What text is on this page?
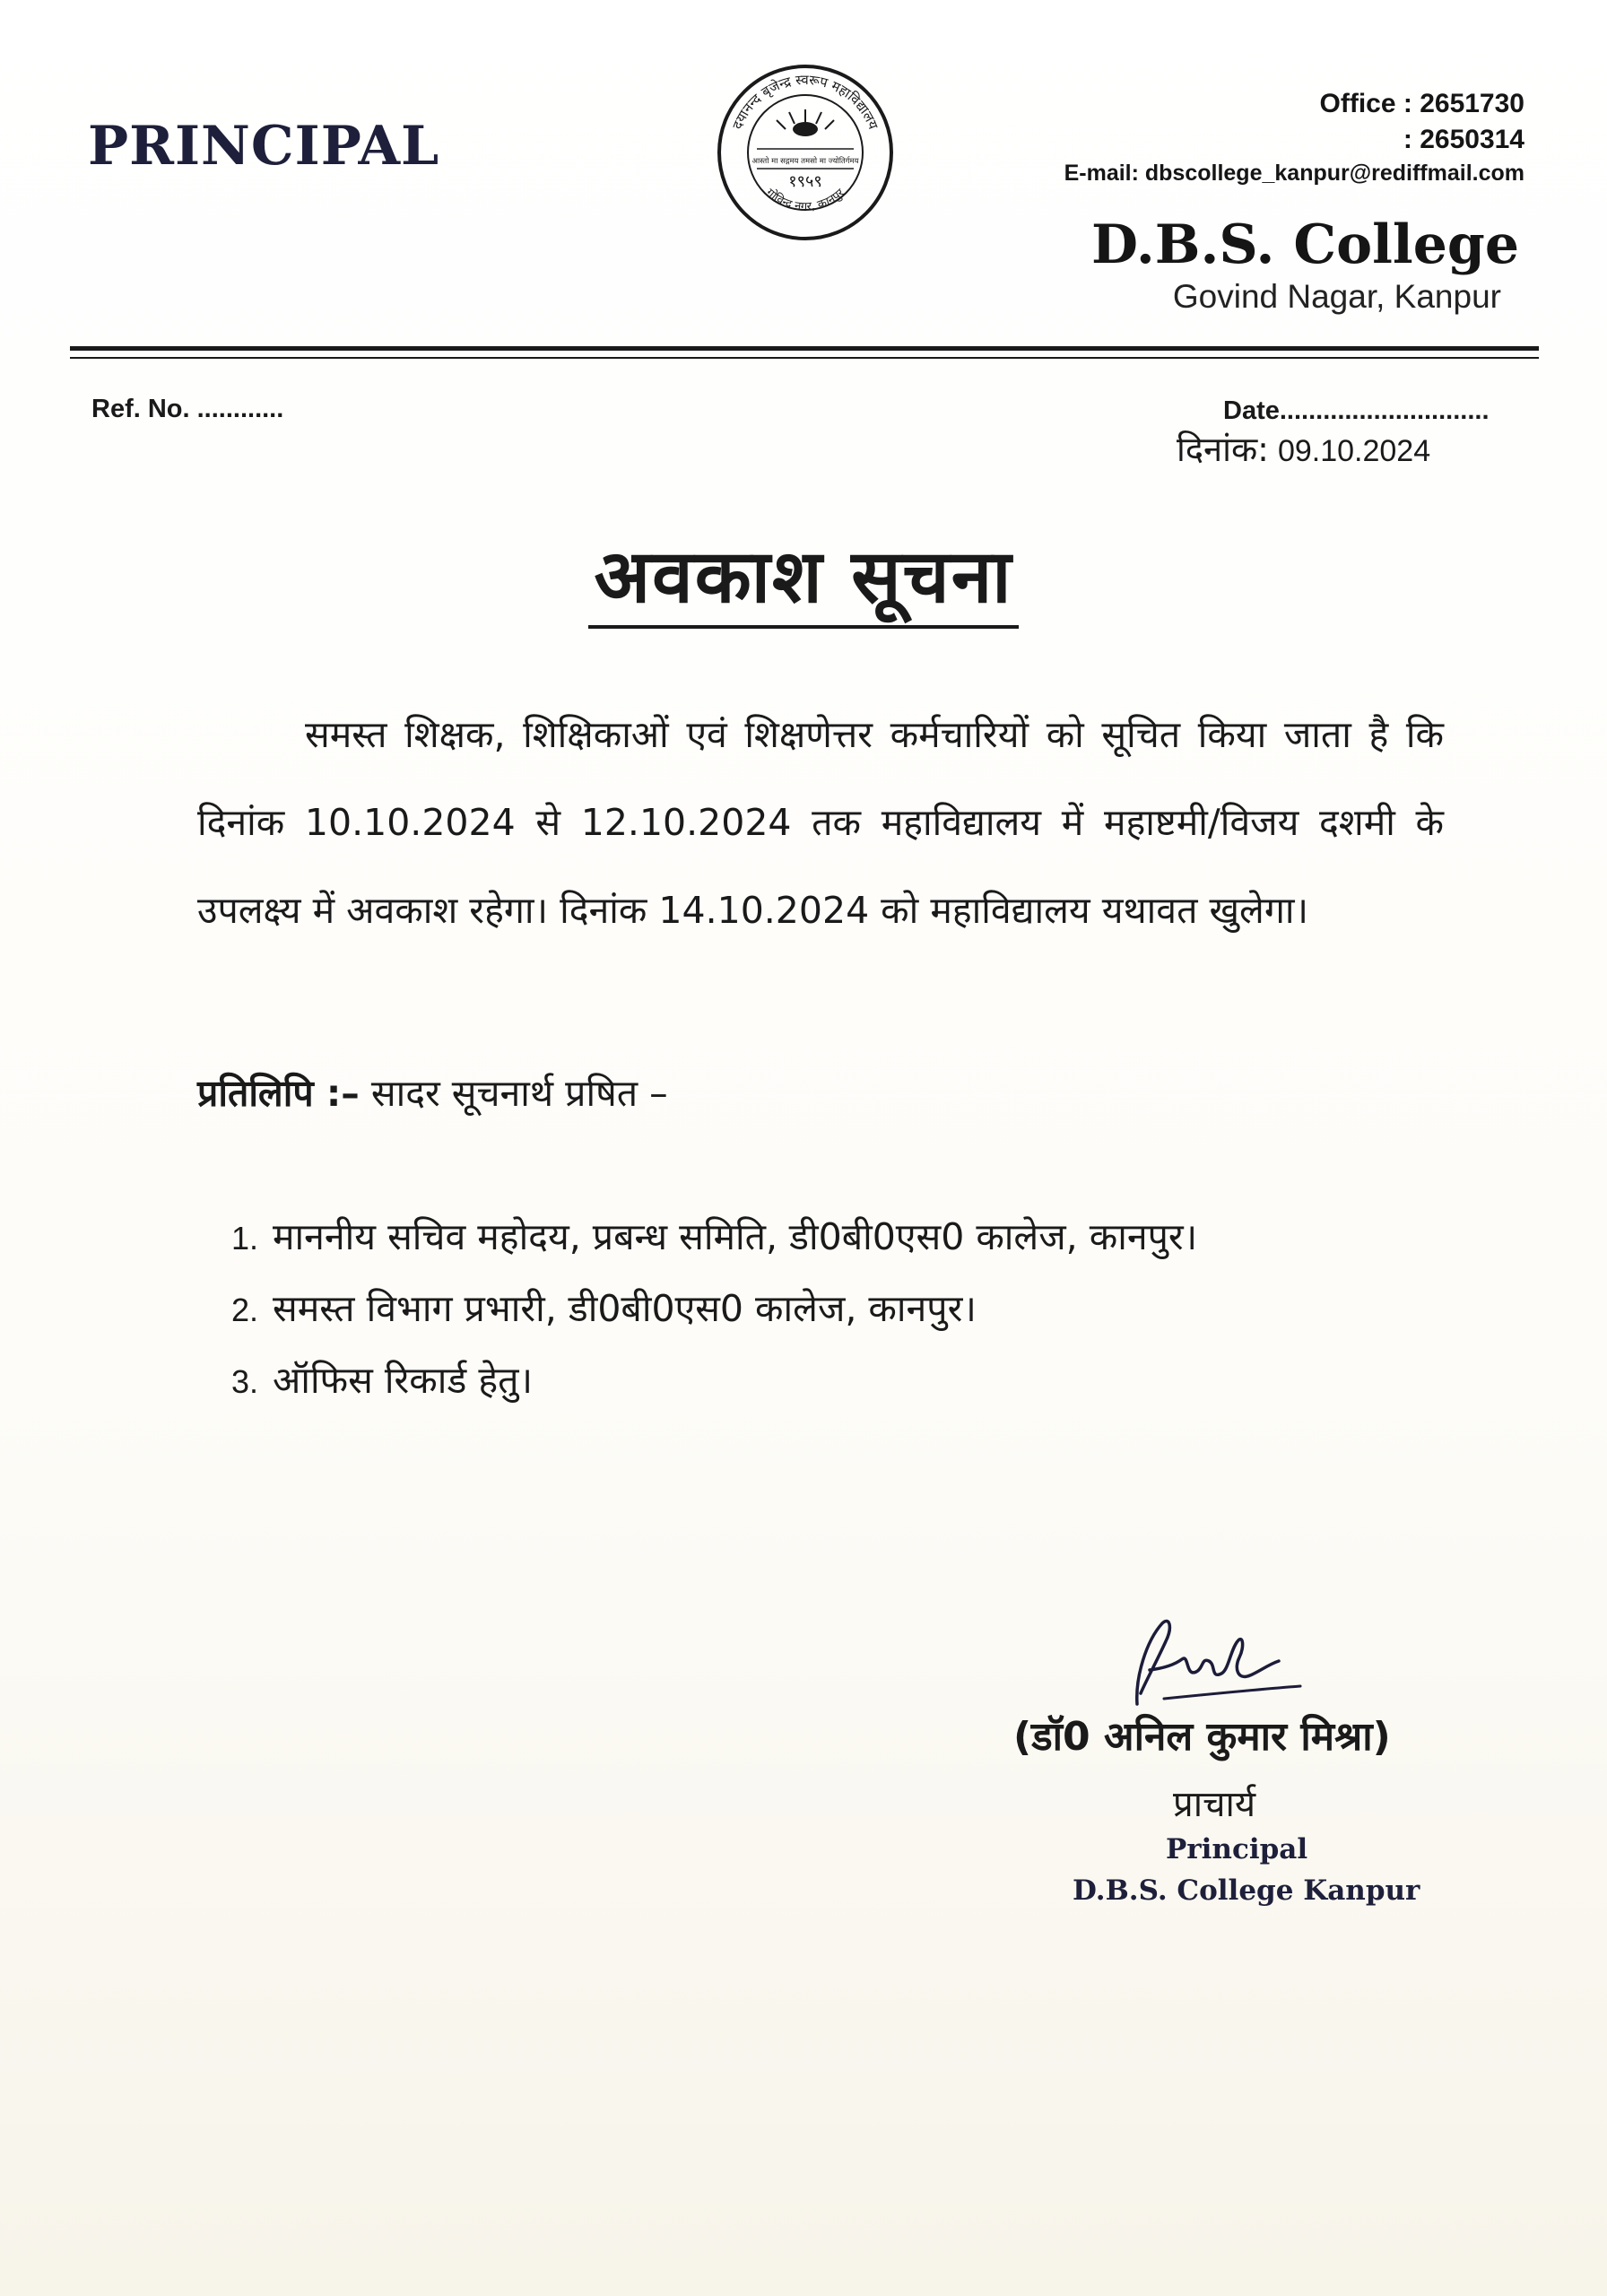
PRINCIPAL	दयानन्द बृजेन्द्र स्वरूप महाविद्यालय
आस्तो मा सद्गमय तमसो मा ज्योतिर्गमय
१९५९
गोविन्द नगर, कानपुर
Office : 2651730
: 2650314
E-mail: dbscollege_kanpur@rediffmail.com
D.B.S. College
Govind Nagar, Kanpur
Ref. No. ............	Date.............................
दिनांक: 09.10.2024
अवकाश सूचना
समस्त शिक्षक, शिक्षिकाओं एवं शिक्षणेत्तर कर्मचारियों को सूचित किया जाता है कि दिनांक 10.10.2024 से 12.10.2024 तक महाविद्यालय में महाष्टमी/विजय दशमी के उपलक्ष्य में अवकाश रहेगा। दिनांक 14.10.2024 को महाविद्यालय यथावत खुलेगा।
प्रतिलिपि :– सादर सूचनार्थ प्रषित –
1. माननीय सचिव महोदय, प्रबन्ध समिति, डी0बी0एस0 कालेज, कानपुर।
2. समस्त विभाग प्रभारी, डी0बी0एस0 कालेज, कानपुर।
3. ऑफिस रिकार्ड हेतु।
(डॉ0 अनिल कुमार मिश्रा)
प्राचार्य
Principal
D.B.S. College Kanpur
